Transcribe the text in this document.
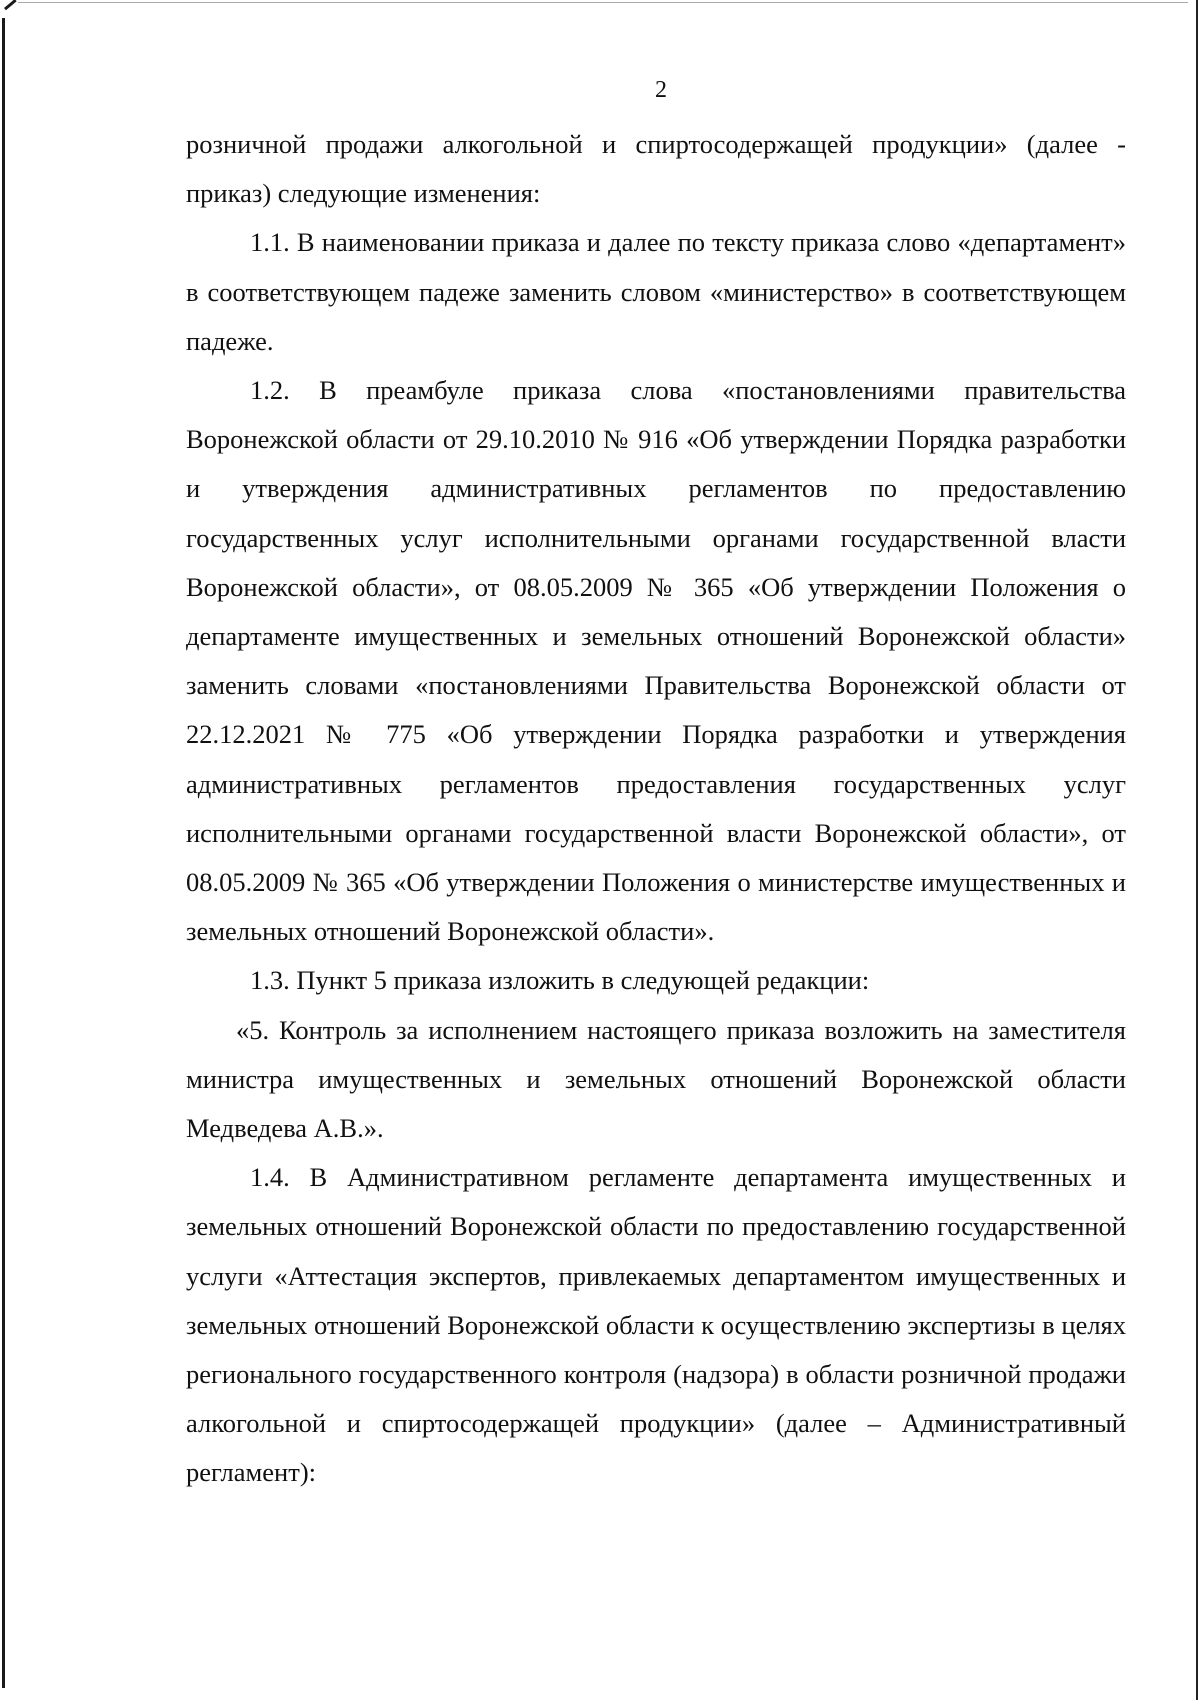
2

розничной продажи алкогольной и спиртосодержащей продукции» (далее - приказ) следующие изменения:

1.1. В наименовании приказа и далее по тексту приказа слово «департамент» в соответствующем падеже заменить словом «министерство» в соответствующем падеже.

1.2. В преамбуле приказа слова «постановлениями правительства Воронежской области от 29.10.2010 № 916 «Об утверждении Порядка разработки и утверждения административных регламентов по предоставлению государственных услуг исполнительными органами государственной власти Воронежской области», от 08.05.2009 № 365 «Об утверждении Положения о департаменте имущественных и земельных отношений Воронежской области» заменить словами «постановлениями Правительства Воронежской области от 22.12.2021 № 775 «Об утверждении Порядка разработки и утверждения административных регламентов предоставления государственных услуг исполнительными органами государственной власти Воронежской области», от 08.05.2009 № 365 «Об утверждении Положения о министерстве имущественных и земельных отношений Воронежской области».

1.3. Пункт 5 приказа изложить в следующей редакции:

«5. Контроль за исполнением настоящего приказа возложить на заместителя министра имущественных и земельных отношений Воронежской области Медведева А.В.».

1.4. В Административном регламенте департамента имущественных и земельных отношений Воронежской области по предоставлению государственной услуги «Аттестация экспертов, привлекаемых департаментом имущественных и земельных отношений Воронежской области к осуществлению экспертизы в целях регионального государственного контроля (надзора) в области розничной продажи алкогольной и спиртосодержащей продукции» (далее – Административный регламент):
